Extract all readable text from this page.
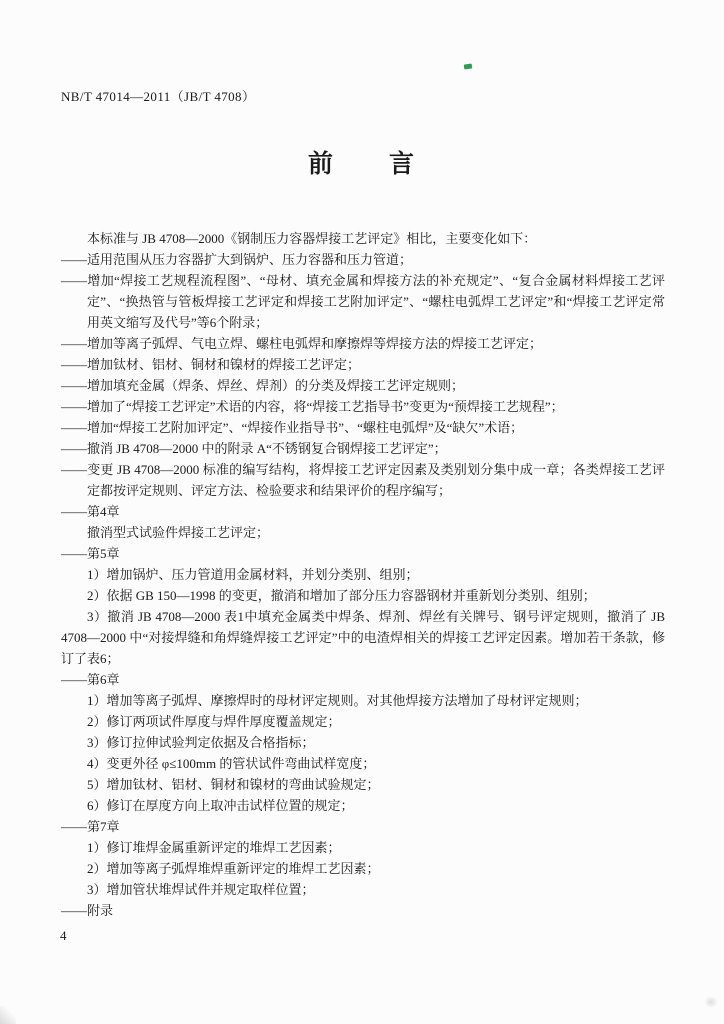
NB/T 47014—2011（JB/T 4708）
前　　言

本标准与 JB 4708—2000《钢制压力容器焊接工艺评定》相比，主要变化如下：

——适用范围从压力容器扩大到锅炉、压力容器和压力管道；

——增加“焊接工艺规程流程图”、“母材、填充金属和焊接方法的补充规定”、“复合金属材料焊接工艺评定”、“换热管与管板焊接工艺评定和焊接工艺附加评定”、“螺柱电弧焊工艺评定”和“焊接工艺评定常用英文缩写及代号”等6个附录；

——增加等离子弧焊、气电立焊、螺柱电弧焊和摩擦焊等焊接方法的焊接工艺评定；

——增加钛材、铝材、铜材和镍材的焊接工艺评定；

——增加填充金属（焊条、焊丝、焊剂）的分类及焊接工艺评定规则；

——增加了“焊接工艺评定”术语的内容，将“焊接工艺指导书”变更为“预焊接工艺规程”；

——增加“焊接工艺附加评定”、“焊接作业指导书”、“螺柱电弧焊”及“缺欠”术语；

——撤消 JB 4708—2000 中的附录 A“不锈钢复合钢焊接工艺评定”；

——变更 JB 4708—2000 标准的编写结构，将焊接工艺评定因素及类别划分集中成一章；各类焊接工艺评定都按评定规则、评定方法、检验要求和结果评价的程序编写；

——第4章

撤消型式试验件焊接工艺评定；

——第5章

1）增加锅炉、压力管道用金属材料，并划分类别、组别；

2）依据 GB 150—1998 的变更，撤消和增加了部分压力容器钢材并重新划分类别、组别；

3）撤消 JB 4708—2000 表1中填充金属类中焊条、焊剂、焊丝有关牌号、钢号评定规则，撤消了 JB 4708—2000 中“对接焊缝和角焊缝焊接工艺评定”中的电渣焊相关的焊接工艺评定因素。增加若干条款，修订了表6；

——第6章

1）增加等离子弧焊、摩擦焊时的母材评定规则。对其他焊接方法增加了母材评定规则；

2）修订两项试件厚度与焊件厚度覆盖规定；

3）修订拉伸试验判定依据及合格指标；

4）变更外径 φ≤100mm 的管状试件弯曲试样宽度；

5）增加钛材、铝材、铜材和镍材的弯曲试验规定；

6）修订在厚度方向上取冲击试样位置的规定；

——第7章

1）修订堆焊金属重新评定的堆焊工艺因素；

2）增加等离子弧焊堆焊重新评定的堆焊工艺因素；

3）增加管状堆焊试件并规定取样位置；

——附录

4
